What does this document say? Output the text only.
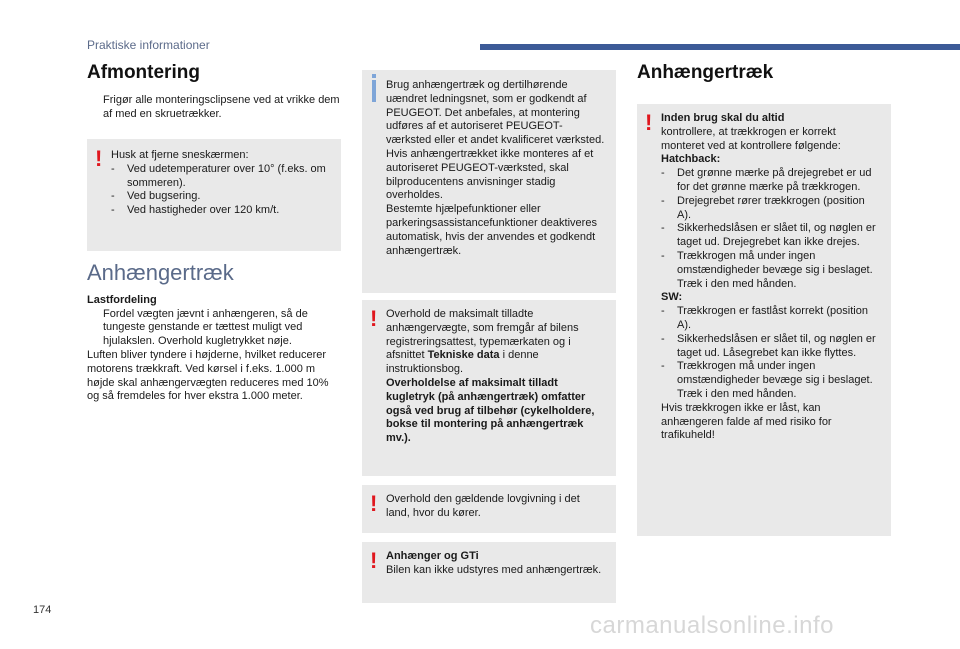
Praktiske informationer
Afmontering
Frigør alle monteringsclipsene ved at vrikke dem af med en skruetrækker.
! Husk at fjerne sneskærmen:

- Ved udetemperaturer over 10° (f.eks. om sommeren).
- Ved bugsering.
- Ved hastigheder over 120 km/t.
Anhængertræk
Lastfordeling
Fordel vægten jævnt i anhængeren, så de tungeste genstande er tættest muligt ved hjulakslen. Overhold kugletrykket nøje.
Luften bliver tyndere i højderne, hvilket reducerer motorens trækkraft. Ved kørsel i f.eks. 1.000 m højde skal anhængervægten reduceres med 10% og så fremdeles for hver ekstra 1.000 meter.
Brug anhængertræk og dertilhørende uændret ledningsnet, som er godkendt af PEUGEOT. Det anbefales, at montering udføres af et autoriseret PEUGEOT-værksted eller et andet kvalificeret værksted.
Hvis anhængertrækket ikke monteres af et autoriseret PEUGEOT-værksted, skal bilproducentens anvisninger stadig overholdes.
Bestemte hjælpefunktioner eller parkeringsassistancefunktioner deaktiveres automatisk, hvis der anvendes et godkendt anhængertræk.
! Overhold de maksimalt tilladte anhængervægte, som fremgår af bilens registreringsattest, typemærkaten og i afsnittet Tekniske data i denne instruktionsbog.

Overholdelse af maksimalt tilladt kugletryk (på anhængertræk) omfatter også ved brug af tilbehør (cykelholdere, bokse til montering på anhængertræk mv.).

! Overhold den gældende lovgivning i det land, hvor du kører.
! Anhænger og GTi

Bilen kan ikke udstyres med anhængertræk.

Anhængertræk
! Inden brug skal du altid

kontrollere, at trækkrogen er korrekt monteret ved at kontrollere følgende:

Hatchback:

- Det grønne mærke på drejegrebet er ud for det grønne mærke på trækkrogen.
- Drejegrebet rører trækkrogen (position A).
- Sikkerhedslåsen er slået til, og nøglen er taget ud. Drejegrebet kan ikke drejes.
- Trækkrogen må under ingen omstændigheder bevæge sig i beslaget. Træk i den med hånden.

SW:

- Trækkrogen er fastlåst korrekt (position A).
- Sikkerhedslåsen er slået til, og nøglen er taget ud. Låsegrebet kan ikke flyttes.
- Trækkrogen må under ingen omstændigheder bevæge sig i beslaget. Træk i den med hånden.

Hvis trækkrogen ikke er låst, kan anhængeren falde af med risiko for trafikuheld!

174
carmanualsonline.info
